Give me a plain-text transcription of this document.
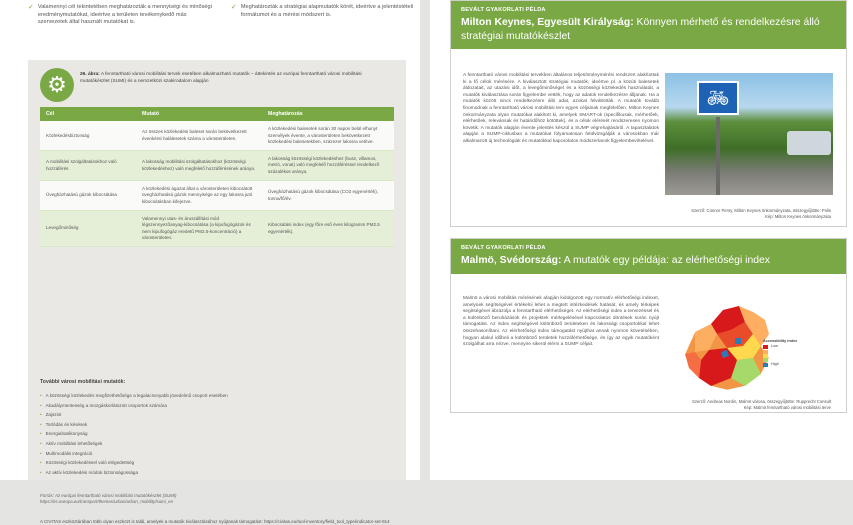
✓ Valamennyi cél tekintetében meghatározták a mennyiségi és minőségi eredménymutatókat, ideértve a területen tevékenykedő más szervezetek által használt mutatókat is.
✓ Meghatározták a stratégiai alapmutatók körét, ideértve a jelentéstételi formátumot és a mérési módszert is.
⚙	26. ábra: A fenntartható városi mobilitási tervek esetében alkalmazható mutatók – áttekintés az európai fenntartható városi mobilitási mutatókészlet (SUMI) és a nemzetközi szakirodalom alapján
Cél	Mutató	Meghatározás
Közlekedésbiztonság	Az összes közlekedési baleset során bekövetkezett évenkénti halálesetek száma a városterületen.	A közlekedési balesetek során 30 napon belül elhunyt személyek évente, a városterületen bekövetkezett közlekedési balesetekben, százezer lakosra vetítve.
A mobilitási szolgáltatásokhoz való hozzáférés	A lakosság mobilitási szolgáltatásokhoz (közösségi közlekedéshez) való megfelelő hozzáférésének aránya.	A lakosság közösségi közlekedéshez (busz, villamos, metró, vonat) való megfelelő hozzáféréssel rendelkező százalékos aránya.
Üvegházhatású gázok kibocsátása	A közlekedési ágazat által a városterületen kibocsátott üvegházhatású gázok mennyisége az egy lakosra jutó kibocsátásban kifejezve.	Üvegházhatású gázok kibocsátása (CO2 egyenérték), tonna/fő/év.
Levegőminőség	Valamennyi utas- és áruszállítási mód légszennyezőanyag-kibocsátása (a kipufogógázok és nem kipufogógáz eredetű PM2.5-koncentráció) a városterületen.	Kibocsátási index (egy főre eső éves kilogramm PM2.5 egyenérték).
További városi mobilitási mutatók:
• A közösségi közlekedés megfizethetősége a legalacsonyabb jövedelmű csoport esetében
• Akadálymentesség a mozgáskorlátozott csoportok számára
• Zajszint
• Torlódás és késések
• Energiahatékonyság
• Aktív mobilitási lehetőségek
• Multimodális integráció
• Közösségi közlekedéssel való elégedettség
• Az aktív közlekedési módok biztonságossága
Forrás: Az európai fenntartható városi mobilitási mutatókészlet (SUMI)
https://ec.europa.eu/transport/themes/urban/urban_mobility/sumi_en
A CIVITAS eszköztárában több olyan eszközt is talál, amelyek a mutatók kiválasztásához nyújtanak támogatást: https://civitas.eu/tool-inventory/field_tool_type/indicator-set-914
BEVÁLT GYAKORLATI PÉLDA
Milton Keynes, Egyesült Királyság: Könnyen mérhető és rendelkezésre álló stratégiai mutatókészlet
A fenntartható városi mobilitási tervekben általános teljesítménymérési rendszert alakítottak ki a fő célok mérésére. A kiválasztott stratégiai mutatók, ideértve pl. a közúti balesetek áldozatait, az utazási időt, a levegőminőséget és a közösségi közlekedés használatát, a mutatók kiválasztása során figyelembe vették, hogy az adatok rendelkezésre álljanak. Ha a mutatók között nincs rendelkezésre álló adat, azokat felváltották. A mutatók tovább finomodnak a fenntartható városi mobilitási terv egyes céljainak megfelelően. Milton Keynes önkormányzata olyan mutatókat alakított ki, amelyek SMART-ok (specifikusak, mérhetőek, elérhetőek, relevánsak és határidőhöz kötöttek), és a célok elérését rendszeresen nyomon követik. A mutatók alapján évente jelentés készül a SUMP végrehajtásáról. A tapasztalatok alapján a SUMP-ciklusban a mutatókat folyamatosan felülvizsgálják a városokban már alkalmazott új technológiák és mutatókkal kapcsolatos módszertanok figyelembevételével.
🚲︎
Szerző: Connor Penry, Milton Keynes önkormányzata, összegyűjtötte: Polis
Kép: Milton Keynes önkormányzata
BEVÁLT GYAKORLATI PÉLDA
Malmö, Svédország: A mutatók egy példája: az elérhetőségi index
Malmö a városi mobilitás mérésének alapján kidolgozott egy normatív elérhetőségi indexet, amelynek segítségével értékelni lehet a megtett intézkedések hatását, és amely térképek segítségével ábrázolja a fenntartható elérhetőséget. Az elérhetőségi index a tervezéssel és a különböző beruházások és projektek mérlegelésével kapcsolatos döntések során nyújt támogatást. Az index segítségével különböző területeken és lakossági csoportokkal lehet összehasonlítani. Az elérhetőségi index támogatást nyújthat annak nyomon követésében, hogyan alakul időbeli a különböző területek hozzáférhetősége, és így az egyik mutatóként szolgálhat arra nézve, mennyire sikerül elérni a SUMP céljait.
Accessibility index
Low
High
Szerző: Andreas Nordin, Malmö városa, összegyűjtötte: Rupprecht Consult
Kép: Malmö fenntartható városi mobilitási terve
